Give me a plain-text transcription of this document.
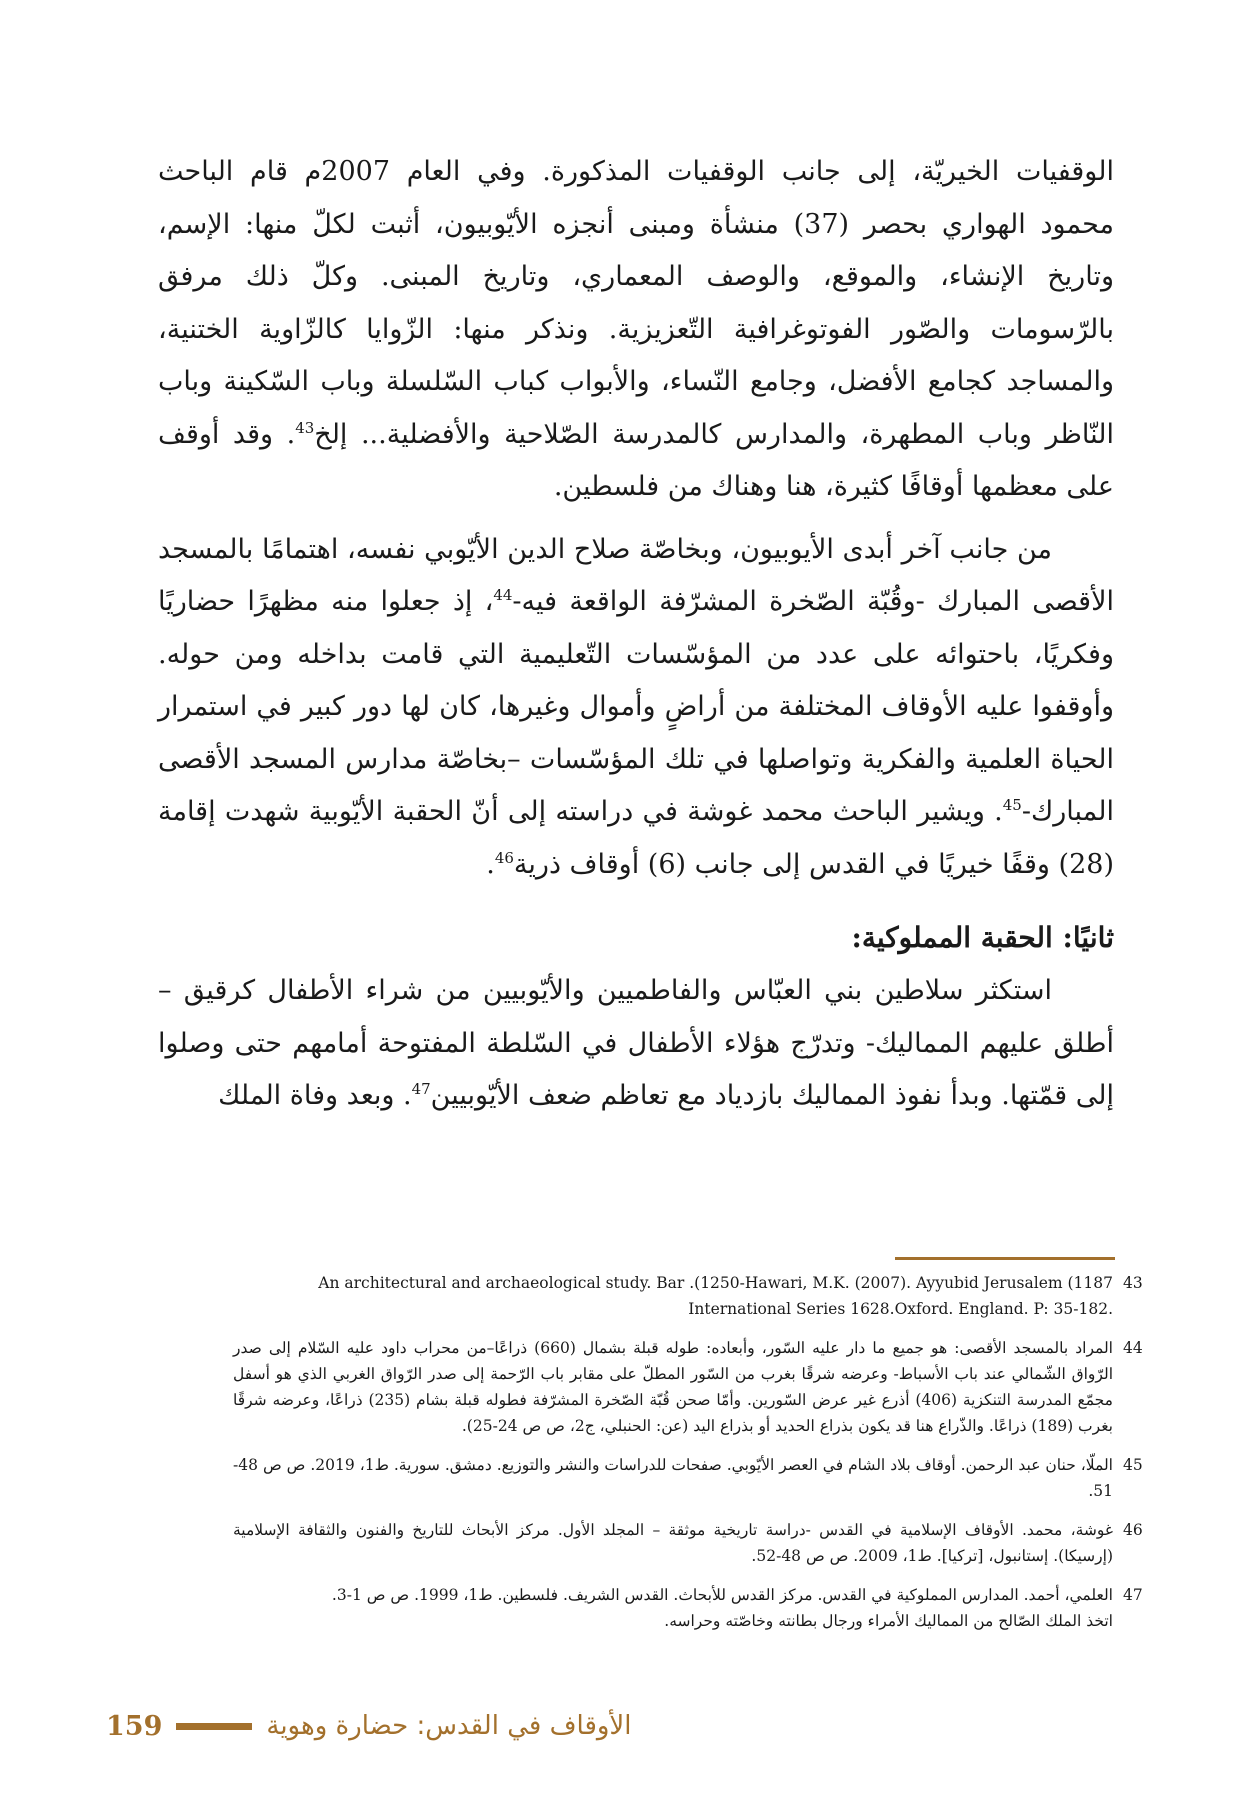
الوقفيات الخيريّة، إلى جانب الوقفيات المذكورة. وفي العام 2007م قام الباحث محمود الهواري بحصر (37) منشأة ومبنى أنجزه الأيّوبيون، أثبت لكلّ منها: الإسم، وتاريخ الإنشاء، والموقع، والوصف المعماري، وتاريخ المبنى. وكلّ ذلك مرفق بالرّسومات والصّور الفوتوغرافية التّعزيزية. ونذكر منها: الزّوايا كالزّاوية الختنية، والمساجد كجامع الأفضل، وجامع النّساء، والأبواب كباب السّلسلة وباب السّكينة وباب النّاظر وباب المطهرة، والمدارس كالمدرسة الصّلاحية والأفضلية... إلخ$^{43}$. وقد أوقف على معظمها أوقافًا كثيرة، هنا وهناك من فلسطين.

من جانب آخر أبدى الأيوبيون، وبخاصّة صلاح الدين الأيّوبي نفسه، اهتمامًا بالمسجد الأقصى المبارك -وقُبّة الصّخرة المشرّفة الواقعة فيه-$^{44}$، إذ جعلوا منه مظهرًا حضاريًا وفكريًا، باحتوائه على عدد من المؤسّسات التّعليمية التي قامت بداخله ومن حوله. وأوقفوا عليه الأوقاف المختلفة من أراضٍ وأموال وغيرها، كان لها دور كبير في استمرار الحياة العلمية والفكرية وتواصلها في تلك المؤسّسات –بخاصّة مدارس المسجد الأقصى المبارك-$^{45}$. ويشير الباحث محمد غوشة في دراسته إلى أنّ الحقبة الأيّوبية شهدت إقامة (28) وقفًا خيريًا في القدس إلى جانب (6) أوقاف ذرية$^{46}$.

ثانيًا: الحقبة المملوكية:

استكثر سلاطين بني العبّاس والفاطميين والأيّوبيين من شراء الأطفال كرقيق –أطلق عليهم المماليك- وتدرّج هؤلاء الأطفال في السّلطة المفتوحة أمامهم حتى وصلوا إلى قمّتها. وبدأ نفوذ المماليك بازدياد مع تعاظم ضعف الأيّوبيين$^{47}$. وبعد وفاة الملك

43
An architectural and archaeological study. Bar .(1250-Hawari, M.K. (2007). Ayyubid Jerusalem (1187
.182-International Series 1628.Oxford. England. P: 35
44
المراد بالمسجد الأقصى: هو جميع ما دار عليه السّور، وأبعاده: طوله قبلة بشمال (660) ذراعًا–من محراب داود عليه السّلام إلى صدر الرّواق الشّمالي عند باب الأسباط- وعرضه شرقًا بغرب من السّور المطلّ على مقابر باب الرّحمة إلى صدر الرّواق الغربي الذي هو أسفل مجمّع المدرسة التنكزية (406) أذرع غير عرض السّورين. وأمّا صحن قُبّة الصّخرة المشرّفة فطوله قبلة بشام (235) ذراعًا، وعرضه شرقًا بغرب (189) ذراعًا. والذّراع هنا قد يكون بذراع الحديد أو بذراع اليد (عن: الحنبلي، ج2، ص ص 24-25).
45
الملّا، حنان عبد الرحمن. أوقاف بلاد الشام في العصر الأيّوبي. صفحات للدراسات والنشر والتوزيع. دمشق. سورية. ط1، 2019. ص ص 48-51.
46
غوشة، محمد. الأوقاف الإسلامية في القدس -دراسة تاريخية موثقة – المجلد الأول. مركز الأبحاث للتاريخ والفنون والثقافة الإسلامية (إرسيكا). إستانبول، [تركيا]. ط1، 2009. ص ص 48-52.
47
العلمي، أحمد. المدارس المملوكية في القدس. مركز القدس للأبحاث. القدس الشريف. فلسطين. ط1، 1999. ص ص 1-3.
اتخذ الملك الصّالح من المماليك الأمراء ورجال بطانته وخاصّته وحراسه.
159	الأوقاف في القدس: حضارة وهوية
